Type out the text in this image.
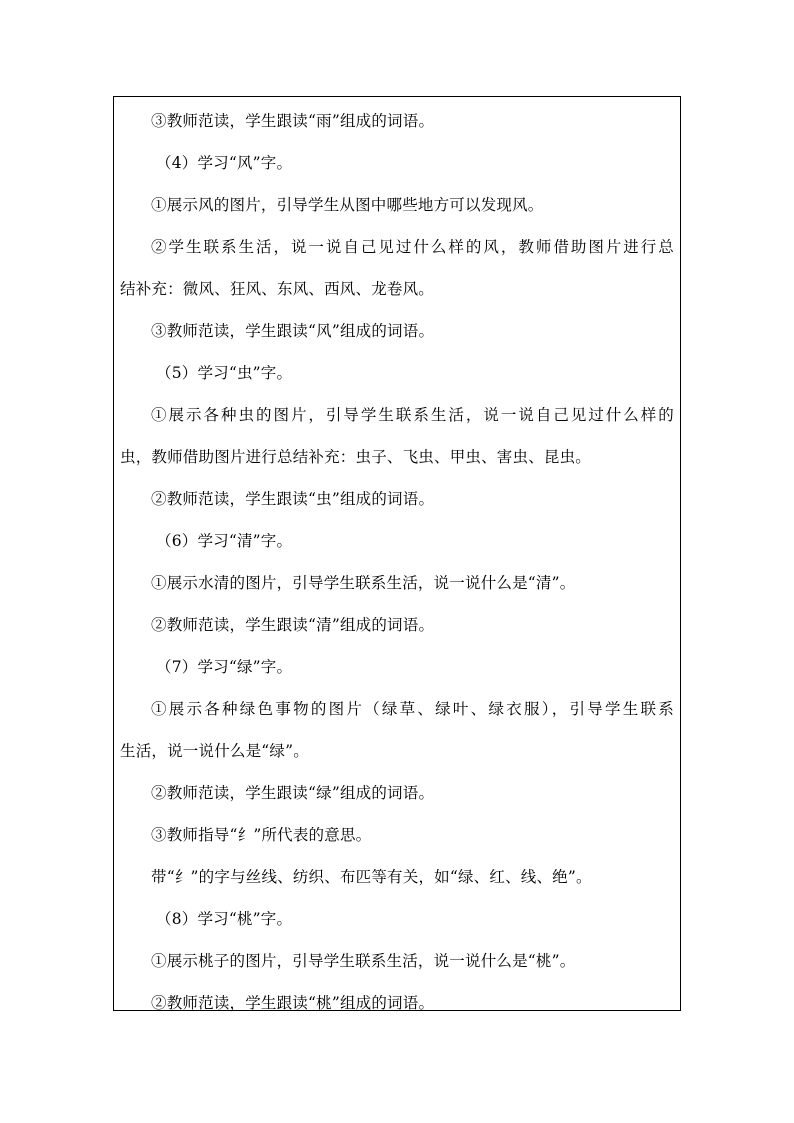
③教师范读，学生跟读“雨”组成的词语。
（4）学习“风”字。
①展示风的图片，引导学生从图中哪些地方可以发现风。
②学生联系生活，说一说自己见过什么样的风，教师借助图片进行总
结补充：微风、狂风、东风、西风、龙卷风。
③教师范读，学生跟读“风”组成的词语。
（5）学习“虫”字。
①展示各种虫的图片，引导学生联系生活，说一说自己见过什么样的
虫，教师借助图片进行总结补充：虫子、飞虫、甲虫、害虫、昆虫。
②教师范读，学生跟读“虫”组成的词语。
（6）学习“清”字。
①展示水清的图片，引导学生联系生活，说一说什么是“清”。
②教师范读，学生跟读“清”组成的词语。
（7）学习“绿”字。
①展示各种绿色事物的图片（绿草、绿叶、绿衣服），引导学生联系
生活，说一说什么是“绿”。
②教师范读，学生跟读“绿”组成的词语。
③教师指导“纟”所代表的意思。
带“纟”的字与丝线、纺织、布匹等有关，如“绿、红、线、绝”。
（8）学习“桃”字。
①展示桃子的图片，引导学生联系生活，说一说什么是“桃”。
②教师范读，学生跟读“桃”组成的词语。
